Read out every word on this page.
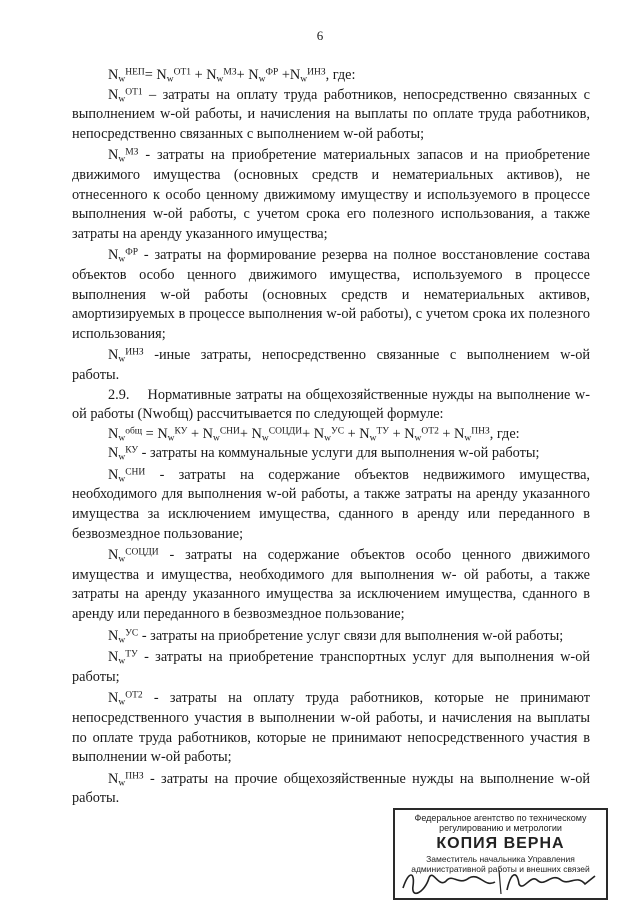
6

$N_w^{НЕП}= N_w^{ОТ1} + N_w^{МЗ}+ N_w^{ФР} +N_w^{ИНЗ}$, где:

$N_w^{ОТ1}$ – затраты на оплату труда работников, непосредственно связанных с выполнением w-ой работы, и начисления на выплаты по оплате труда работников, непосредственно связанных с выполнением w-ой работы;

$N_w^{МЗ}$ - затраты на приобретение материальных запасов и на приобретение движимого имущества (основных средств и нематериальных активов), не отнесенного к особо ценному движимому имуществу и используемого в процессе выполнения w-ой работы, с учетом срока его полезного использования, а также затраты на аренду указанного имущества;

$N_w^{ФР}$ - затраты на формирование резерва на полное восстановление состава объектов особо ценного движимого имущества, используемого в процессе выполнения w-ой работы (основных средств и нематериальных активов, амортизируемых в процессе выполнения w-ой работы), с учетом срока их полезного использования;

$N_w^{ИНЗ}$ -иные затраты, непосредственно связанные с выполнением w-ой работы.

2.9. Нормативные затраты на общехозяйственные нужды на выполнение w-ой работы (Nwобщ) рассчитывается по следующей формуле:

$N_w^{общ} = N_w^{КУ} + N_w^{СНИ}+ N_w^{СОЦДИ}+ N_w^{УС} + N_w^{ТУ} + N_w^{ОТ2} + N_w^{ПНЗ}$, где:

$N_w^{КУ}$ - затраты на коммунальные услуги для выполнения w-ой работы;

$N_w^{СНИ}$ - затраты на содержание объектов недвижимого имущества, необходимого для выполнения w-ой работы, а также затраты на аренду указанного имущества за исключением имущества, сданного в аренду или переданного в безвозмездное пользование;

$N_w^{СОЦДИ}$ - затраты на содержание объектов особо ценного движимого имущества и имущества, необходимого для выполнения w- ой работы, а также затраты на аренду указанного имущества за исключением имущества, сданного в аренду или переданного в безвозмездное пользование;

$N_w^{УС}$ - затраты на приобретение услуг связи для выполнения w-ой работы;

$N_w^{ТУ}$ - затраты на приобретение транспортных услуг для выполнения w-ой работы;

$N_w^{ОТ2}$ - затраты на оплату труда работников, которые не принимают непосредственного участия в выполнении w-ой работы, и начисления на выплаты по оплате труда работников, которые не принимают непосредственного участия в выполнении w-ой работы;

$N_w^{ПНЗ}$ - затраты на прочие общехозяйственные нужды на выполнение w-ой работы.

Федеральное агентство по техническому регулированию и метрологии
КОПИЯ ВЕРНА
Заместитель начальника Управления административной работы и внешних связей
